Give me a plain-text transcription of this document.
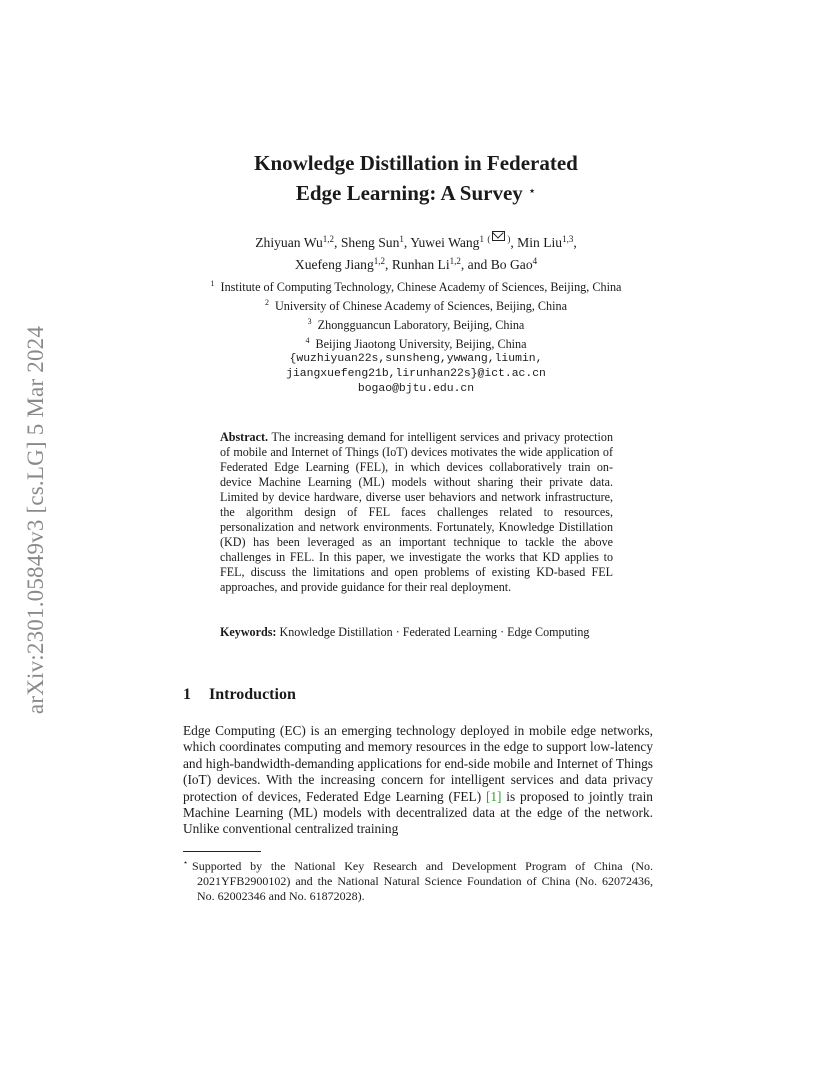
arXiv:2301.05849v3 [cs.LG] 5 Mar 2024
Knowledge Distillation in Federated
Edge Learning: A Survey ⋆
Zhiyuan Wu$^{1,2}$, Sheng Sun$^1$, Yuwei Wang$^1$ ( ), Min Liu$^{1,3}$,
Xuefeng Jiang$^{1,2}$, Runhan Li$^{1,2}$, and Bo Gao$^4$
$^1$ Institute of Computing Technology, Chinese Academy of Sciences, Beijing, China
$^2$ University of Chinese Academy of Sciences, Beijing, China
$^3$ Zhongguancun Laboratory, Beijing, China
$^4$ Beijing Jiaotong University, Beijing, China
{wuzhiyuan22s,sunsheng,ywwang,liumin,
jiangxuefeng21b,lirunhan22s}@ict.ac.cn
bogao@bjtu.edu.cn
Abstract. The increasing demand for intelligent services and privacy protection of mobile and Internet of Things (IoT) devices motivates the wide application of Federated Edge Learning (FEL), in which devices collaboratively train on-device Machine Learning (ML) models without sharing their private data. Limited by device hardware, diverse user behaviors and network infrastructure, the algorithm design of FEL faces challenges related to resources, personalization and network environments. Fortunately, Knowledge Distillation (KD) has been leveraged as an important technique to tackle the above challenges in FEL. In this paper, we investigate the works that KD applies to FEL, discuss the limitations and open problems of existing KD-based FEL approaches, and provide guidance for their real deployment.
Keywords: Knowledge Distillation · Federated Learning · Edge Computing
1 Introduction
Edge Computing (EC) is an emerging technology deployed in mobile edge networks, which coordinates computing and memory resources in the edge to support low-latency and high-bandwidth-demanding applications for end-side mobile and Internet of Things (IoT) devices. With the increasing concern for intelligent services and data privacy protection of devices, Federated Edge Learning (FEL) [1] is proposed to jointly train Machine Learning (ML) models with decentralized data at the edge of the network. Unlike conventional centralized training
⋆ Supported by the National Key Research and Development Program of China (No. 2021YFB2900102) and the National Natural Science Foundation of China (No. 62072436, No. 62002346 and No. 61872028).
